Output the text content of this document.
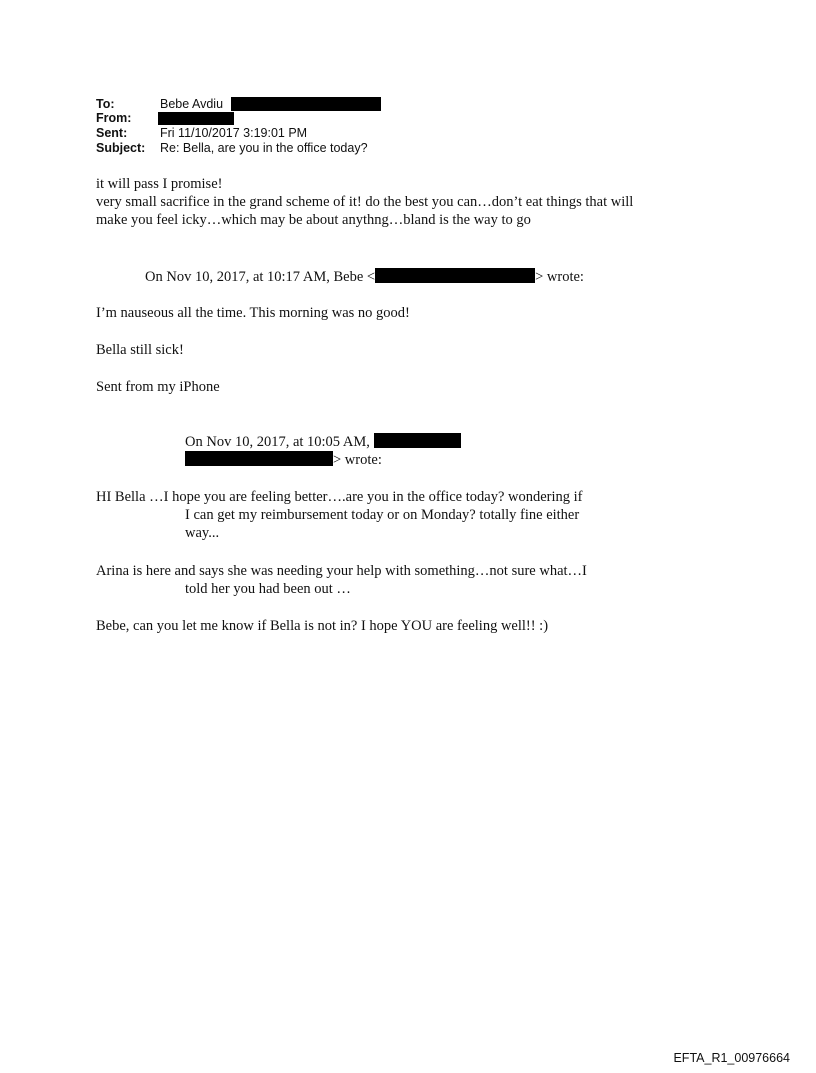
To:	Bebe Avdiu
From:
Sent:	Fri 11/10/2017 3:19:01 PM
Subject: Re: Bella, are you in the office today?
it will pass I promise!
very small sacrifice in the grand scheme of it! do the best you can…don’t eat things that will
make you feel icky…which may be about anythng…bland is the way to go
On Nov 10, 2017, at 10:17 AM, Bebe <	> wrote:
I’m nauseous all the time. This morning was no good!
Bella still sick!
Sent from my iPhone
On Nov 10, 2017, at 10:05 AM,
> wrote:
HI Bella …I hope you are feeling better….are you in the office today? wondering if
I can get my reimbursement today or on Monday? totally fine either
way...
Arina is here and says she was needing your help with something…not sure what…I
told her you had been out …
Bebe, can you let me know if Bella is not in? I hope YOU are feeling well!! :)
EFTA_R1_00976664
